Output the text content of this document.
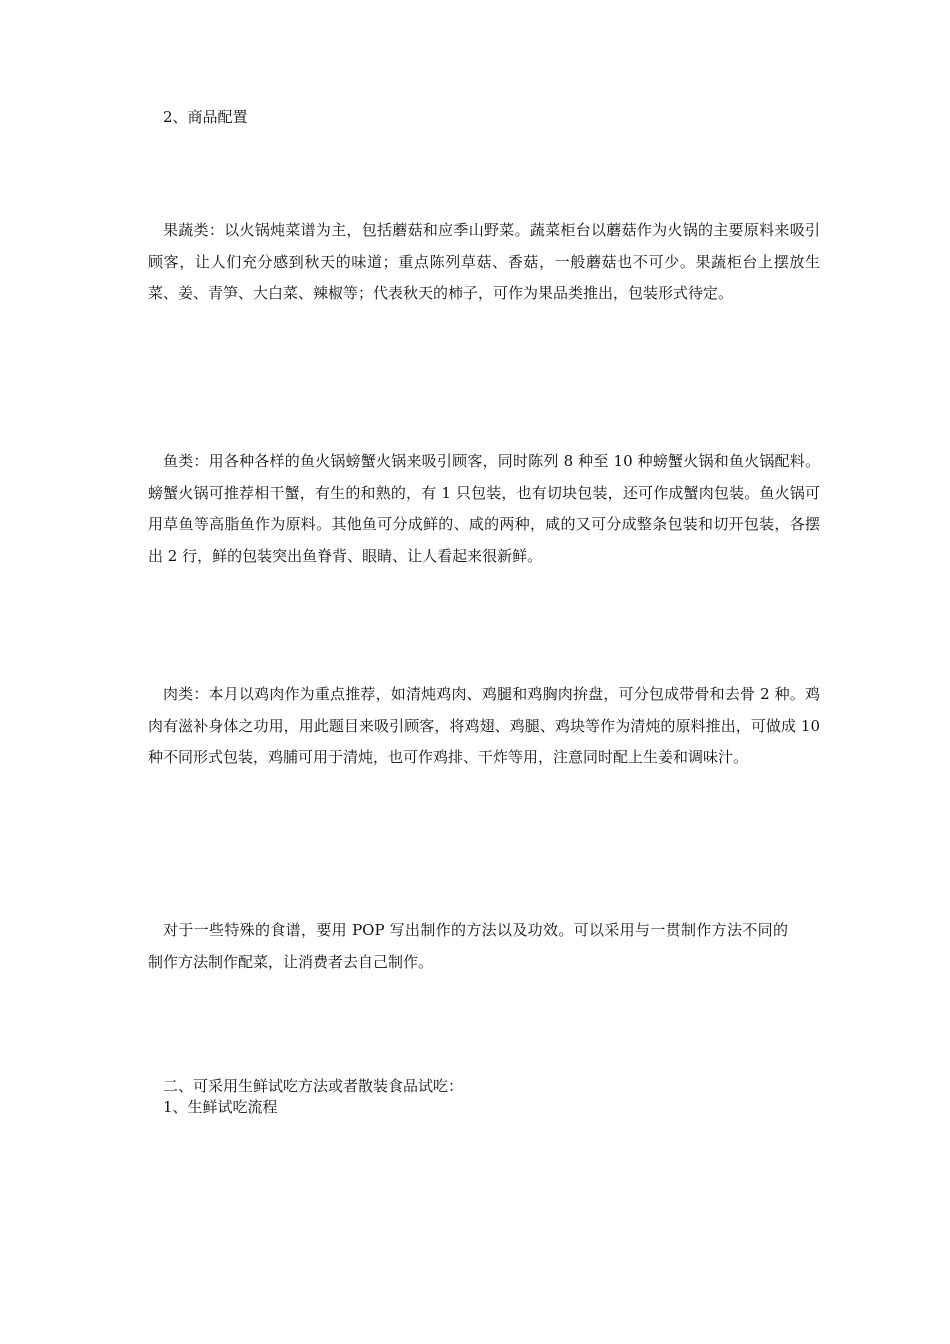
2、商品配置

果蔬类：以火锅炖菜谱为主，包括蘑菇和应季山野菜。蔬菜柜台以蘑菇作为火锅的主要原料来吸引顾客，让人们充分感到秋天的味道；重点陈列草菇、香菇，一般蘑菇也不可少。果蔬柜台上摆放生菜、姜、青笋、大白菜、辣椒等；代表秋天的柿子，可作为果品类推出，包装形式待定。

鱼类：用各种各样的鱼火锅螃蟹火锅来吸引顾客，同时陈列 8 种至 10 种螃蟹火锅和鱼火锅配料。螃蟹火锅可推荐相干蟹，有生的和熟的，有 1 只包装，也有切块包装，还可作成蟹肉包装。鱼火锅可用草鱼等高脂鱼作为原料。其他鱼可分成鲜的、咸的两种，咸的又可分成整条包装和切开包装，各摆出 2 行，鲜的包装突出鱼脊背、眼睛、让人看起来很新鲜。

肉类：本月以鸡肉作为重点推荐，如清炖鸡肉、鸡腿和鸡胸肉拚盘，可分包成带骨和去骨 2 种。鸡肉有滋补身体之功用，用此题目来吸引顾客，将鸡翅、鸡腿、鸡块等作为清炖的原料推出，可做成 10 种不同形式包装，鸡脯可用于清炖，也可作鸡排、干炸等用，注意同时配上生姜和调味汁。

对于一些特殊的食谱，要用 POP 写出制作的方法以及功效。可以采用与一贯制作方法不同的制作方法制作配菜，让消费者去自己制作。

二、可采用生鲜试吃方法或者散装食品试吃：

1、生鲜试吃流程
